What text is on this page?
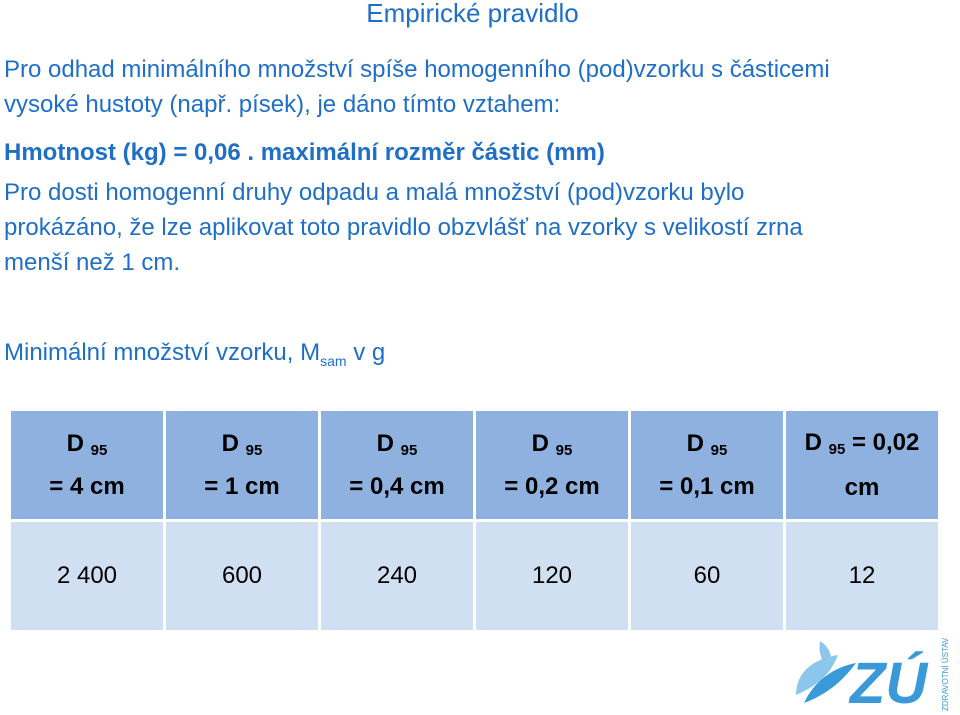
Empirické pravidlo

Pro odhad minimálního množství spíše homogenního (pod)vzorku s částicemi
vysoké hustoty (např. písek), je dáno tímto vztahem:

Hmotnost (kg) = 0,06 . maximální rozměr částic (mm)

Pro dosti homogenní druhy odpadu a malá množství (pod)vzorku bylo
prokázáno, že lze aplikovat toto pravidlo obzvlášť na vzorky s velikostí zrna
menší než 1 cm.

Minimální množství vzorku, $M_{sam}$ v g

D $_{95}$
= 4 cm	D $_{95}$
= 1 cm	D $_{95}$
= 0,4 cm	D $_{95}$
= 0,2 cm	D $_{95}$
= 0,1 cm	D $_{95}$ = 0,02
cm
2 400	600	240	120	60	12
ZÚ ZDRAVOTNÍ ÚSTAV
